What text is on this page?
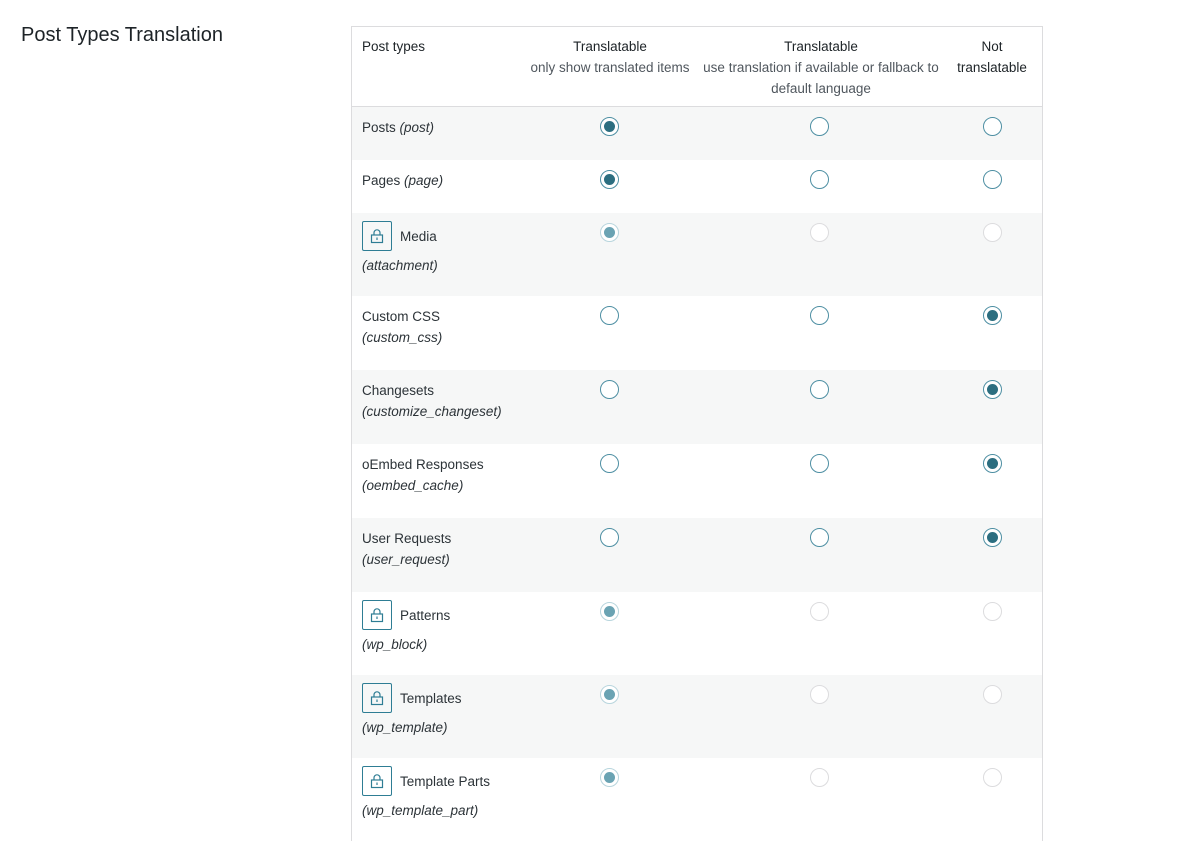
Post Types Translation
Post types	Translatable
only show translated items
Translatable
use translation if available or fallback to default language
Not translatable
Posts (post)
Pages (page)
Media
(attachment)
Custom CSS
(custom_css)
Changesets
(customize_changeset)
oEmbed Responses
(oembed_cache)
User Requests
(user_request)
Patterns
(wp_block)
Templates
(wp_template)
Template Parts
(wp_template_part)
